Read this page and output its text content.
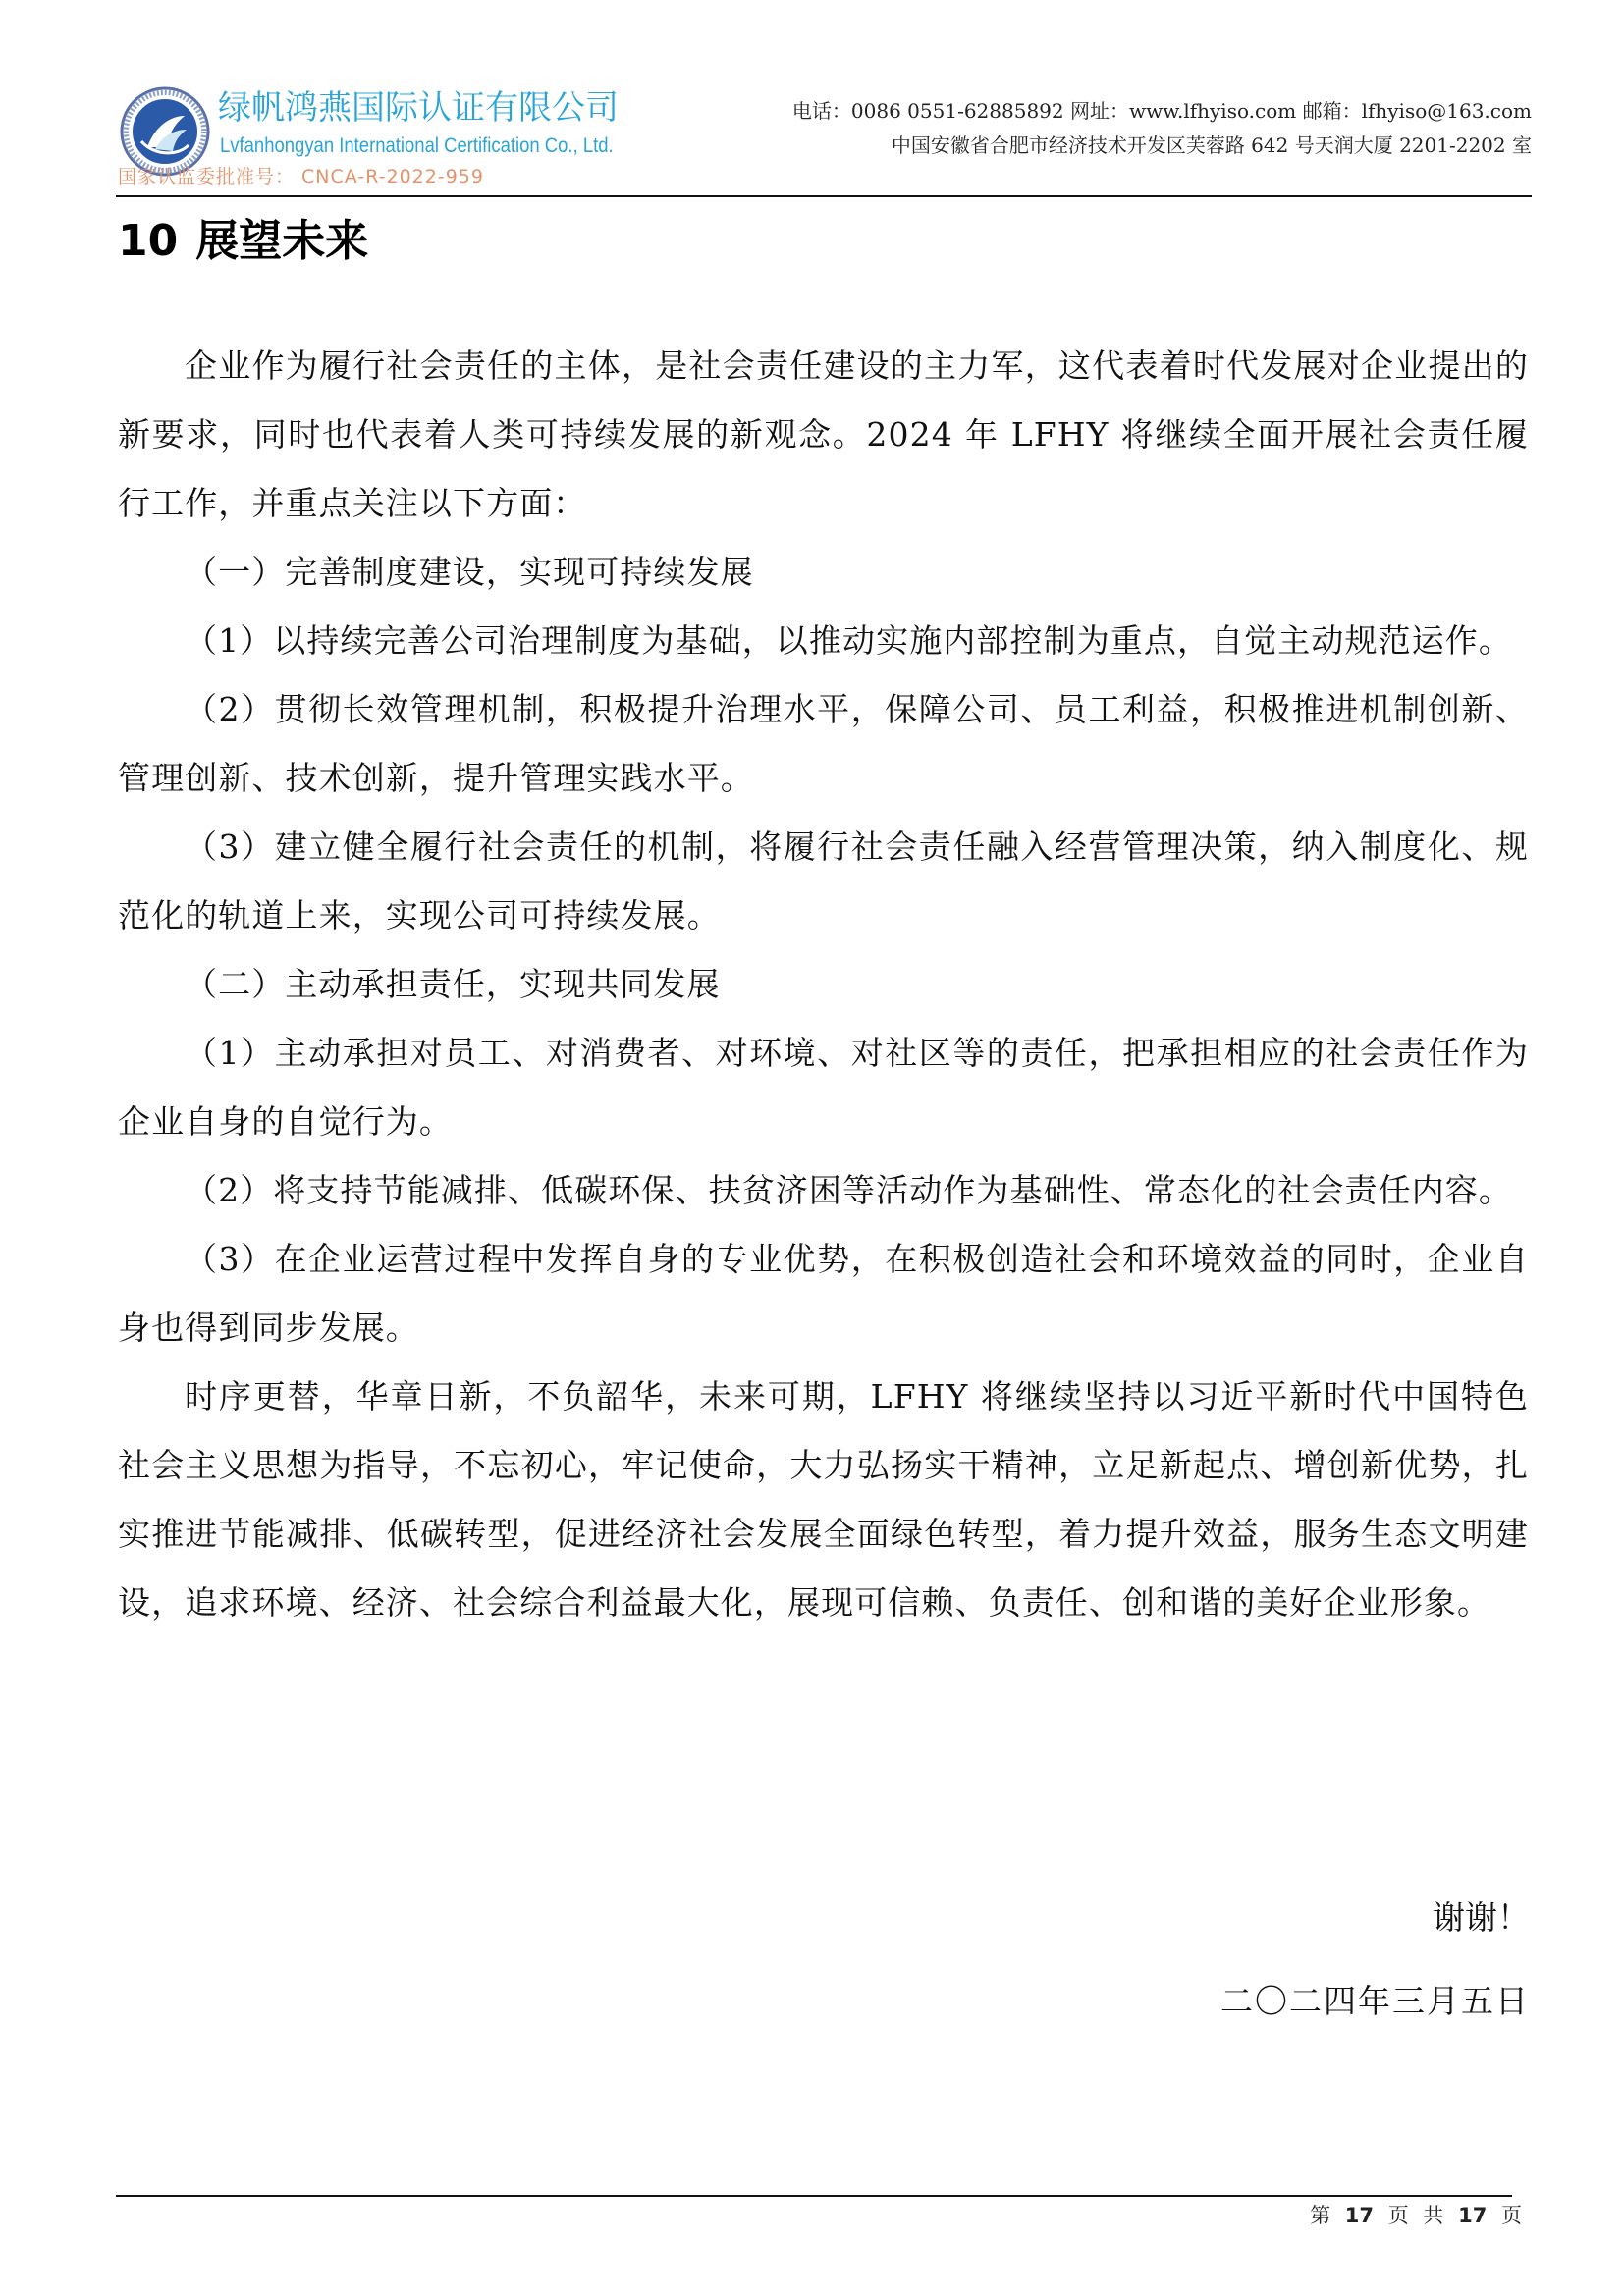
绿帆鸿燕国际认证有限公司
Lvfanhongyan International Certification Co., Ltd.
国家认监委批准号： CNCA-R-2022-959
电话：0086 0551-62885892 网址：www.lfhyiso.com 邮箱：lfhyiso@163.com
中国安徽省合肥市经济技术开发区芙蓉路 642 号天润大厦 2201-2202 室
10 展望未来

企业作为履行社会责任的主体，是社会责任建设的主力军，这代表着时代发展对企业提出的新要求，同时也代表着人类可持续发展的新观念。2024 年 LFHY 将继续全面开展社会责任履行工作，并重点关注以下方面：

（一）完善制度建设，实现可持续发展

（1）以持续完善公司治理制度为基础，以推动实施内部控制为重点，自觉主动规范运作。

（2）贯彻长效管理机制，积极提升治理水平，保障公司、员工利益，积极推进机制创新、管理创新、技术创新，提升管理实践水平。

（3）建立健全履行社会责任的机制，将履行社会责任融入经营管理决策，纳入制度化、规范化的轨道上来，实现公司可持续发展。

（二）主动承担责任，实现共同发展

（1）主动承担对员工、对消费者、对环境、对社区等的责任，把承担相应的社会责任作为企业自身的自觉行为。

（2）将支持节能减排、低碳环保、扶贫济困等活动作为基础性、常态化的社会责任内容。

（3）在企业运营过程中发挥自身的专业优势，在积极创造社会和环境效益的同时，企业自身也得到同步发展。

时序更替，华章日新，不负韶华，未来可期，LFHY 将继续坚持以习近平新时代中国特色社会主义思想为指导，不忘初心，牢记使命，大力弘扬实干精神，立足新起点、增创新优势，扎实推进节能减排、低碳转型，促进经济社会发展全面绿色转型，着力提升效益，服务生态文明建设，追求环境、经济、社会综合利益最大化，展现可信赖、负责任、创和谐的美好企业形象。

谢谢！

二〇二四年三月五日

第 17 页 共 17 页
